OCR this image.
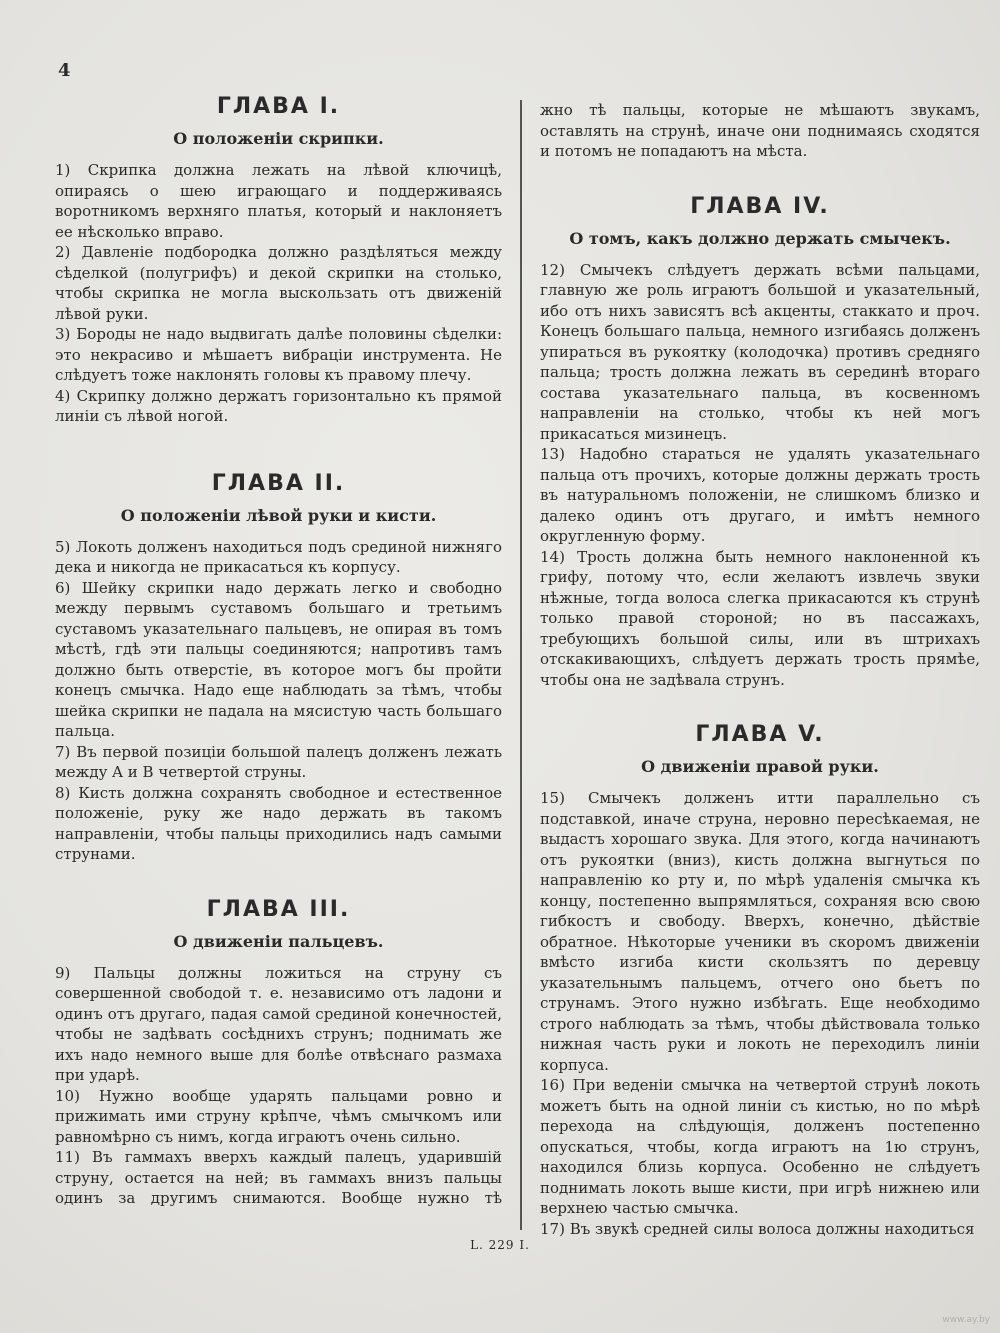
4
ГЛАВА I.
О положеніи скрипки.

1) Скрипка должна лежать на лѣвой ключицѣ, опираясь о шею играющаго и поддерживаясь воротникомъ верхняго платья, который и наклоняетъ ее нѣсколько вправо.

2) Давленіе подбородка должно раздѣляться между сѣделкой (полугрифъ) и декой скрипки на столько, чтобы скрипка не могла выскользать отъ движеній лѣвой руки.

3) Бороды не надо выдвигать далѣе половины сѣделки: это некрасиво и мѣшаетъ вибраціи инструмента. Не слѣдуетъ тоже наклонять головы къ правому плечу.

4) Скрипку должно держатъ горизонтально къ прямой линіи съ лѣвой ногой.

ГЛАВА II.
О положеніи лѣвой руки и кисти.

5) Локоть долженъ находиться подъ срединой нижняго дека и никогда не прикасаться къ корпусу.

6) Шейку скрипки надо держать легко и свободно между первымъ суставомъ большаго и третьимъ суставомъ указательнаго пальцевъ, не опирая въ томъ мѣстѣ, гдѣ эти пальцы соединяются; напротивъ тамъ должно быть отверстіе, въ которое могъ бы пройти конецъ смычка. Надо еще наблюдать за тѣмъ, чтобы шейка скрипки не падала на мясистую часть большаго пальца.

7) Въ первой позиціи большой палецъ долженъ лежать между A и B четвертой струны.

8) Кисть должна сохранять свободное и естественное положеніе, руку же надо держать въ такомъ направленіи, чтобы пальцы приходились надъ самыми струнами.

ГЛАВА III.
О движеніи пальцевъ.

9) Пальцы должны ложиться на струну съ совершенной свободой т. е. независимо отъ ладони и одинъ отъ другаго, падая самой срединой конечностей, чтобы не задѣвать сосѣднихъ струнъ; поднимать же ихъ надо немного выше для болѣе отвѣснаго размаха при ударѣ.

10) Нужно вообще ударять пальцами ровно и прижимать ими струну крѣпче, чѣмъ смычкомъ или равномѣрно съ нимъ, когда играютъ очень сильно.

11) Въ гаммахъ вверхъ каждый палецъ, ударившій струну, остается на ней; въ гаммахъ внизъ пальцы одинъ за другимъ снимаются. Вообще нужно тѣ

жно тѣ пальцы, которые не мѣшаютъ звукамъ, оставлять на струнѣ, иначе они поднимаясь сходятся и потомъ не попадаютъ на мѣста.

ГЛАВА IV.
О томъ, какъ должно держать смычекъ.

12) Смычекъ слѣдуетъ держать всѣми пальцами, главную же роль играютъ большой и указательный, ибо отъ нихъ зависятъ всѣ акценты, стаккато и проч. Конецъ большаго пальца, немного изгибаясь долженъ упираться въ рукоятку (колодочка) противъ средняго пальца; трость должна лежать въ серединѣ втораго состава указательнаго пальца, въ косвенномъ направленіи на столько, чтобы къ ней могъ прикасаться мизинецъ.

13) Надобно стараться не удалять указательнаго пальца отъ прочихъ, которые должны держать трость въ натуральномъ положеніи, не слишкомъ близко и далеко одинъ отъ другаго, и имѣтъ немного округленную форму.

14) Трость должна быть немного наклоненной къ грифу, потому что, если желаютъ извлечь звуки нѣжные, тогда волоса слегка прикасаются къ струнѣ только правой стороной; но въ пассажахъ, требующихъ большой силы, или въ штрихахъ отскакивающихъ, слѣдуетъ держать трость прямѣе, чтобы она не задѣвала струнъ.

ГЛАВА V.
О движеніи правой руки.

15) Смычекъ долженъ итти параллельно съ подставкой, иначе струна, неровно пересѣкаемая, не выдастъ хорошаго звука. Для этого, когда начинаютъ отъ рукоятки (вниз), кисть должна выгнуться по направленію ко рту и, по мѣрѣ удаленія смычка къ концу, постепенно выпрямляться, сохраняя всю свою гибкостъ и свободу. Вверхъ, конечно, дѣйствіе обратное. Нѣкоторые ученики въ скоромъ движеніи вмѣсто изгиба кисти скользятъ по деревцу указательнымъ пальцемъ, отчего оно бьетъ по струнамъ. Этого нужно избѣгать. Еще необходимо строго наблюдать за тѣмъ, чтобы дѣйствовала только нижная часть руки и локоть не переходилъ линіи корпуса.

16) При веденіи смычка на четвертой струнѣ локоть можетъ быть на одной линіи съ кистью, но по мѣрѣ перехода на слѣдующія, долженъ постепенно опускаться, чтобы, когда играютъ на 1ю струнъ, находился близь корпуса. Особенно не слѣдуетъ поднимать локоть выше кисти, при игрѣ нижнею или верхнею частью смычка.

17) Въ звукѣ средней силы волоса должны находиться

L. 229 I.
www.ay.by
